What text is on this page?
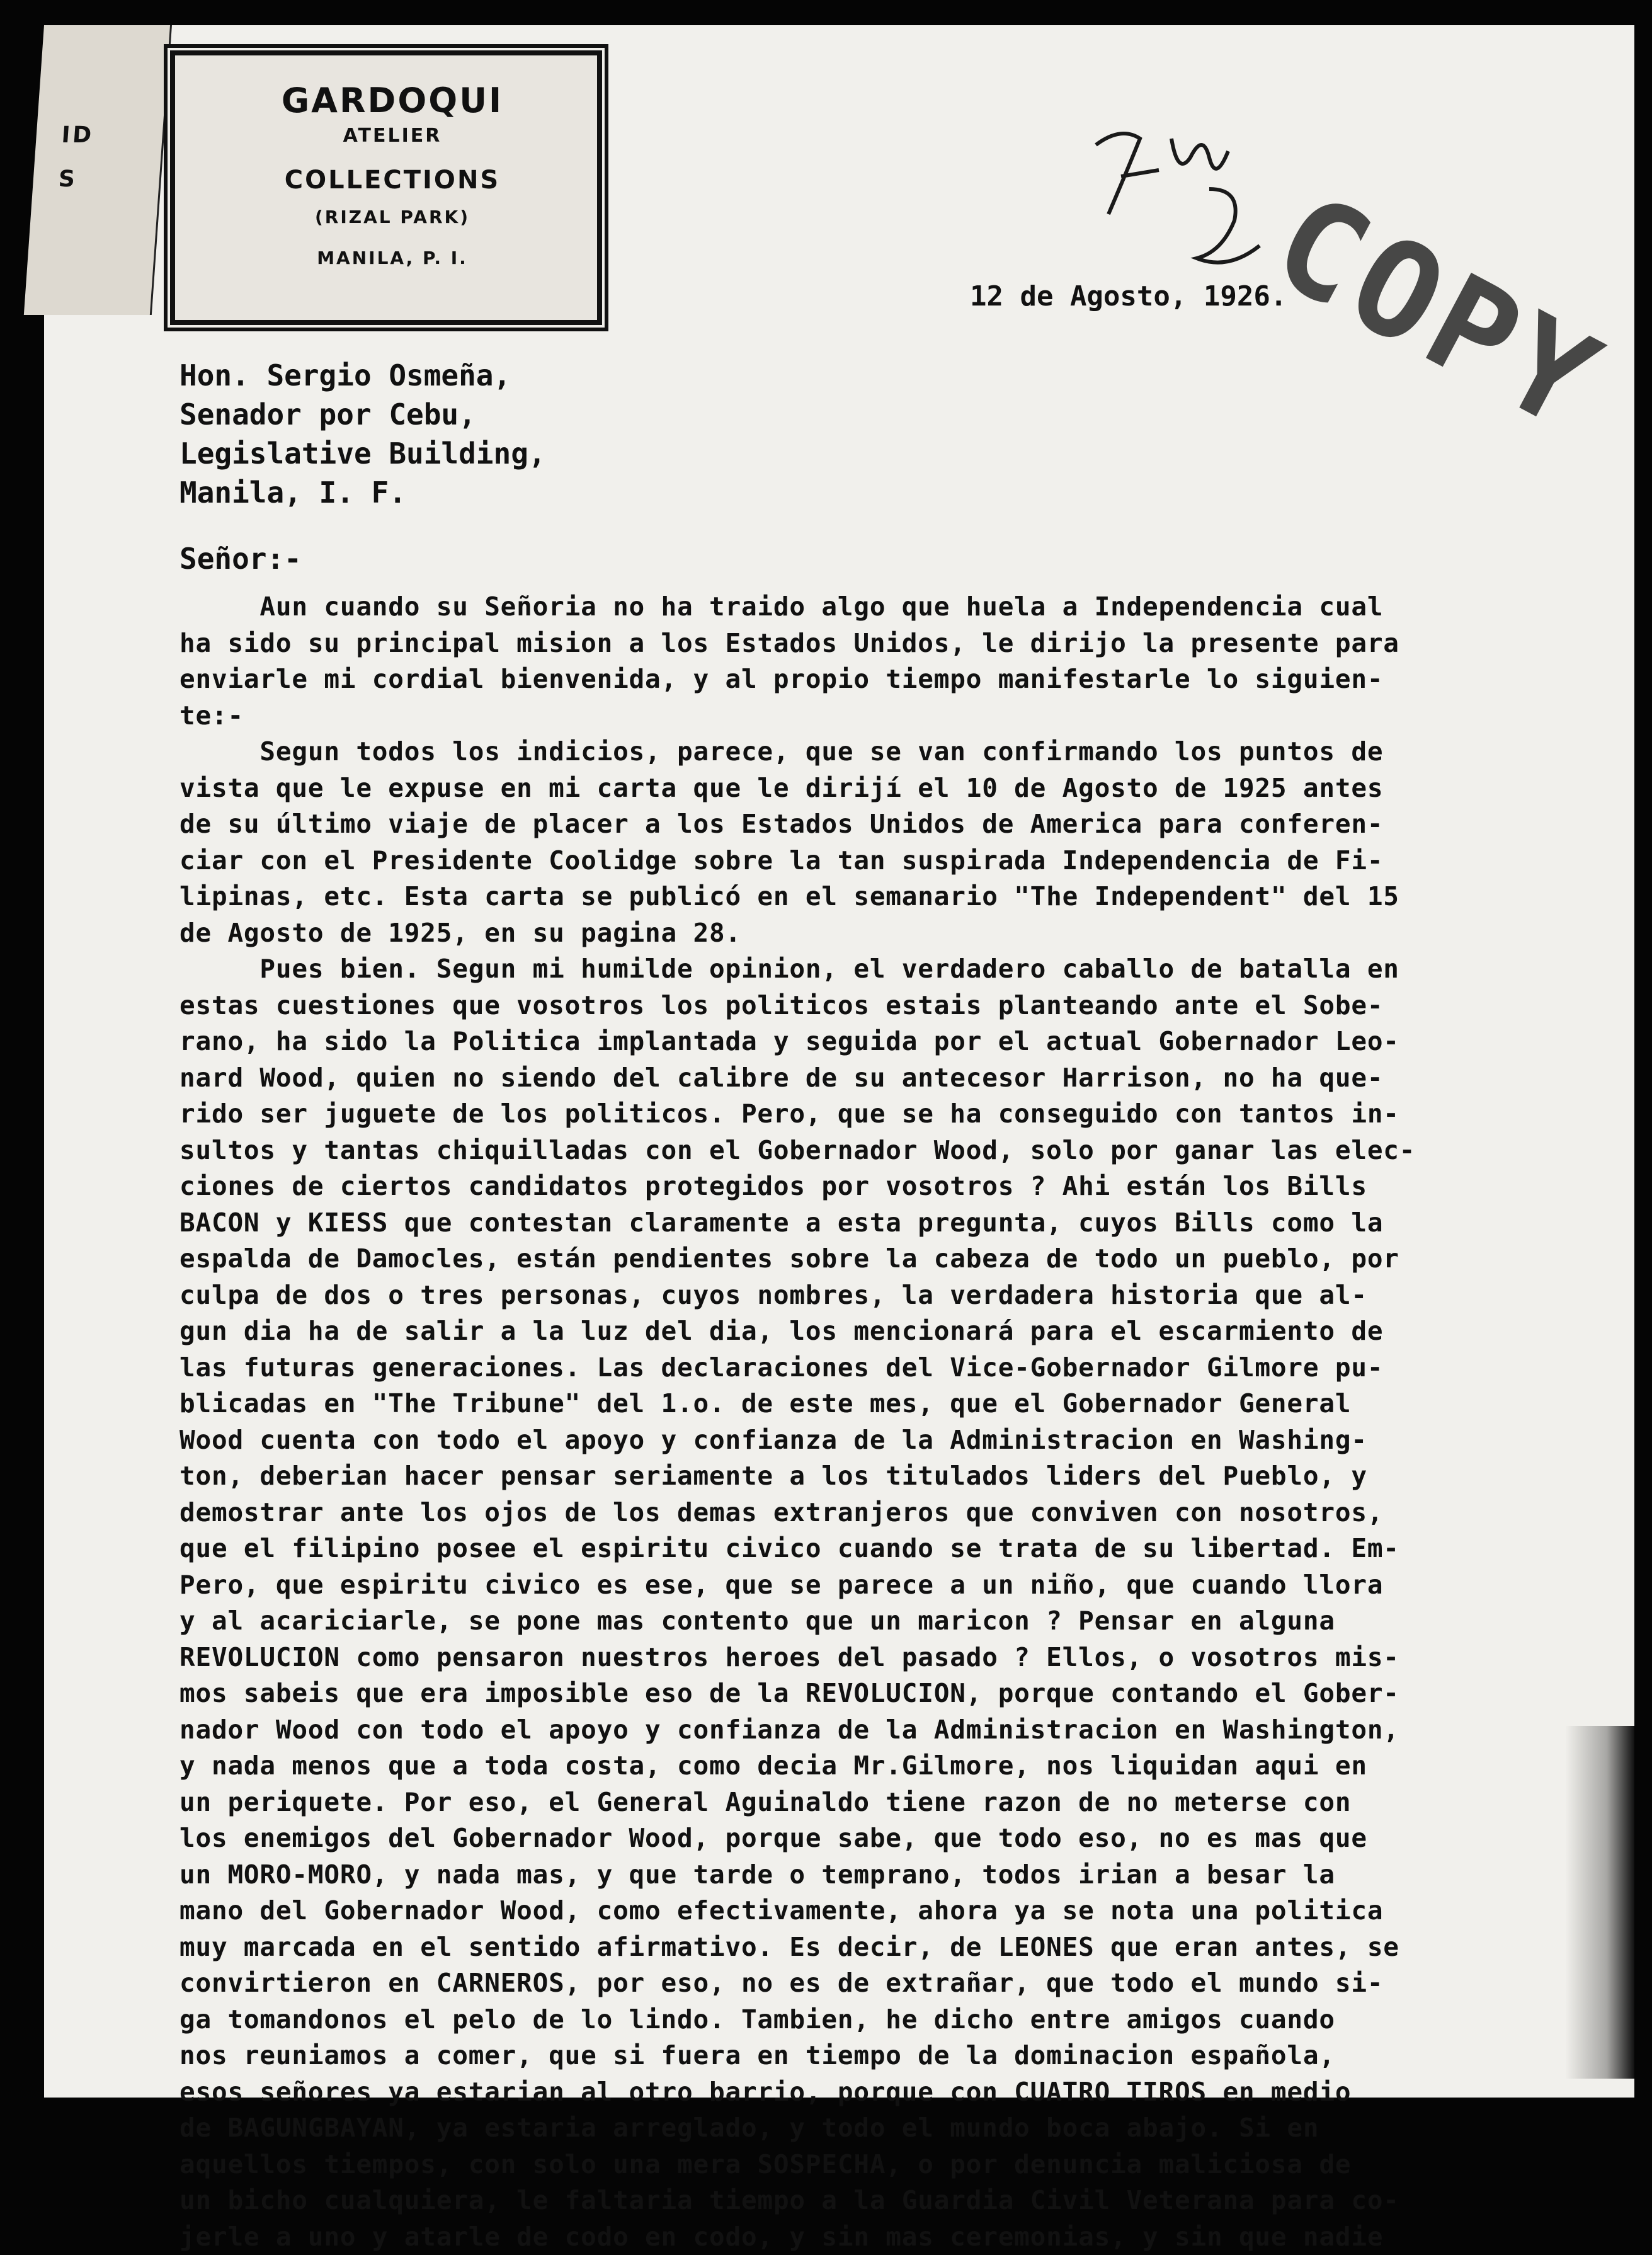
ID
S
GARDOQUI
ATELIER
COLLECTIONS
(RIZAL PARK)
MANILA, P. I.	COPY
12 de Agosto, 1926.
Hon. Sergio Osmeña,
Senador por Cebu,
Legislative Building,
Manila, I. F.
Señor:-
Aun cuando su Señoria no ha traido algo que huela a Independencia cual
ha sido su principal mision a los Estados Unidos, le dirijo la presente para
enviarle mi cordial bienvenida, y al propio tiempo manifestarle lo siguien-
te:-
Segun todos los indicios, parece, que se van confirmando los puntos de
vista que le expuse en mi carta que le dirijí el 10 de Agosto de 1925 antes
de su último viaje de placer a los Estados Unidos de America para conferen-
ciar con el Presidente Coolidge sobre la tan suspirada Independencia de Fi-
lipinas, etc. Esta carta se publicó en el semanario "The Independent" del 15
de Agosto de 1925, en su pagina 28.
Pues bien. Segun mi humilde opinion, el verdadero caballo de batalla en
estas cuestiones que vosotros los politicos estais planteando ante el Sobe-
rano, ha sido la Politica implantada y seguida por el actual Gobernador Leo-
nard Wood, quien no siendo del calibre de su antecesor Harrison, no ha que-
rido ser juguete de los politicos. Pero, que se ha conseguido con tantos in-
sultos y tantas chiquilladas con el Gobernador Wood, solo por ganar las elec-
ciones de ciertos candidatos protegidos por vosotros ? Ahi están los Bills
BACON y KIESS que contestan claramente a esta pregunta, cuyos Bills como la
espalda de Damocles, están pendientes sobre la cabeza de todo un pueblo, por
culpa de dos o tres personas, cuyos nombres, la verdadera historia que al-
gun dia ha de salir a la luz del dia, los mencionará para el escarmiento de
las futuras generaciones. Las declaraciones del Vice-Gobernador Gilmore pu-
blicadas en "The Tribune" del 1.o. de este mes, que el Gobernador General
Wood cuenta con todo el apoyo y confianza de la Administracion en Washing-
ton, deberian hacer pensar seriamente a los titulados liders del Pueblo, y
demostrar ante los ojos de los demas extranjeros que conviven con nosotros,
que el filipino posee el espiritu civico cuando se trata de su libertad. Em-
Pero, que espiritu civico es ese, que se parece a un niño, que cuando llora
y al acariciarle, se pone mas contento que un maricon ? Pensar en alguna
REVOLUCION como pensaron nuestros heroes del pasado ? Ellos, o vosotros mis-
mos sabeis que era imposible eso de la REVOLUCION, porque contando el Gober-
nador Wood con todo el apoyo y confianza de la Administracion en Washington,
y nada menos que a toda costa, como decia Mr.Gilmore, nos liquidan aqui en
un periquete. Por eso, el General Aguinaldo tiene razon de no meterse con
los enemigos del Gobernador Wood, porque sabe, que todo eso, no es mas que
un MORO-MORO, y nada mas, y que tarde o temprano, todos irian a besar la
mano del Gobernador Wood, como efectivamente, ahora ya se nota una politica
muy marcada en el sentido afirmativo. Es decir, de LEONES que eran antes, se
convirtieron en CARNEROS, por eso, no es de extrañar, que todo el mundo si-
ga tomandonos el pelo de lo lindo. Tambien, he dicho entre amigos cuando
nos reuniamos a comer, que si fuera en tiempo de la dominacion española,
esos señores ya estarian al otro barrio, porque con CUATRO TIROS en medio
de BAGUNGBAYAN, ya estaria arreglado, y todo el mundo boca abajo. Si en
aquellos tiempos, con solo una mera SOSPECHA, o por denuncia maliciosa de
un bicho cualquiera, le faltaria tiempo a la Guardia Civil Veterana para co-
jerle a uno y atarle de codo en codo, y sin mas ceremonias, y sin que nadie
